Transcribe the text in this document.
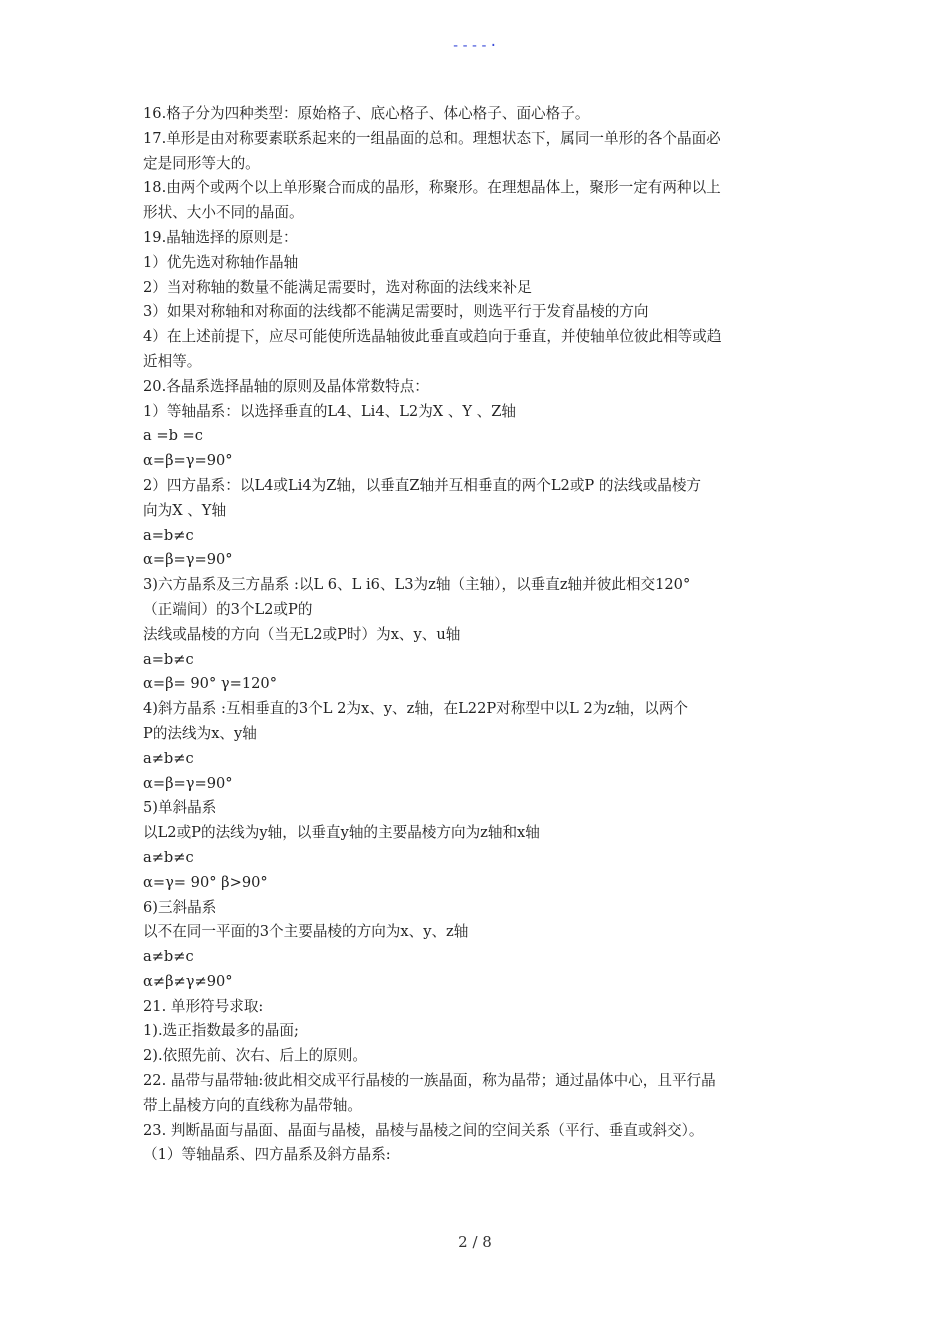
----·
16.格子分为四种类型：原始格子、底心格子、体心格子、面心格子。
17.单形是由对称要素联系起来的一组晶面的总和。理想状态下，属同一单形的各个晶面必
定是同形等大的。
18.由两个或两个以上单形聚合而成的晶形，称聚形。在理想晶体上，聚形一定有两种以上
形状、大小不同的晶面。
19.晶轴选择的原则是：
1）优先选对称轴作晶轴
2）当对称轴的数量不能满足需要时，选对称面的法线来补足
3）如果对称轴和对称面的法线都不能满足需要时，则选平行于发育晶棱的方向
4）在上述前提下，应尽可能使所选晶轴彼此垂直或趋向于垂直，并使轴单位彼此相等或趋
近相等。
20.各晶系选择晶轴的原则及晶体常数特点：
1）等轴晶系：以选择垂直的L4、Li4、L2为X 、Y 、Z轴
a =b =c
α=β=γ=90°
2）四方晶系：以L4或Li4为Z轴，以垂直Z轴并互相垂直的两个L2或P 的法线或晶棱方
向为X 、Y轴
a=b≠c
α=β=γ=90°
3)六方晶系及三方晶系 :以L 6、L i6、L3为z轴（主轴），以垂直z轴并彼此相交120°
（正端间）的3个L2或P的
法线或晶棱的方向（当无L2或P时）为x、y、u轴
a=b≠c
α=β= 90° γ=120°
4)斜方晶系 :互相垂直的3个L 2为x、y、z轴，在L22P对称型中以L 2为z轴，以两个
P的法线为x、y轴
a≠b≠c
α=β=γ=90°
5)单斜晶系
以L2或P的法线为y轴，以垂直y轴的主要晶棱方向为z轴和x轴
a≠b≠c
α=γ= 90° β>90°
6)三斜晶系
以不在同一平面的3个主要晶棱的方向为x、y、z轴
a≠b≠c
α≠β≠γ≠90°
21. 单形符号求取:
1).选正指数最多的晶面;
2).依照先前、次右、后上的原则。
22. 晶带与晶带轴:彼此相交成平行晶棱的一族晶面，称为晶带；通过晶体中心，且平行晶
带上晶棱方向的直线称为晶带轴。
23. 判断晶面与晶面、晶面与晶棱，晶棱与晶棱之间的空间关系（平行、垂直或斜交）。
（1）等轴晶系、四方晶系及斜方晶系:
2 / 8
